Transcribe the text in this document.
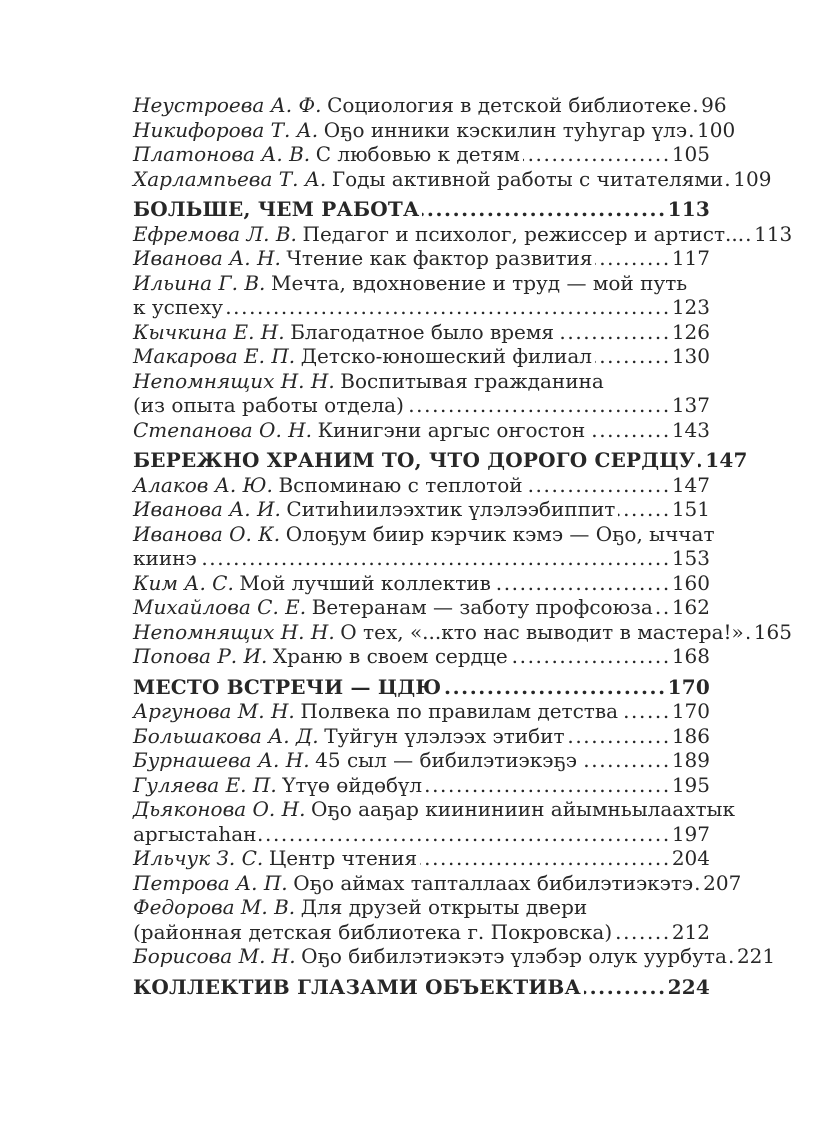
Неустроева А. Ф. Социология в детской библиотеке ..... 96
Никифорова Т. А. Оҕо инники кэскилин туһугар үлэ ..... 100
Платонова А. В. С любовью к детям .....	105
Харлампьева Т. А. Годы активной работы с читателями ..... 109
БОЛЬШЕ, ЧЕМ РАБОТА .....	113
Ефремова Л. В. Педагог и психолог, режиссер и артист... ..... 113
Иванова А. Н. Чтение как фактор развития .....	117
Ильина Г. В. Мечта, вдохновение и труд — мой путь
к успеху .....	123
Кычкина Е. Н. Благодатное было время .....	126
Макарова Е. П. Детско-юношеский филиал .....	130
Непомнящих Н. Н. Воспитывая гражданина
(из опыта работы отдела) .....	137
Степанова О. Н. Кинигэни аргыс оҥостон .....	143
БЕРЕЖНО ХРАНИМ ТО, ЧТО ДОРОГО СЕРДЦУ ..... 147
Алаков А. Ю. Вспоминаю с теплотой .....	147
Иванова А. И. Ситиһиилээхтик үлэлээбиппит .....	151
Иванова О. К. Олоҕум биир кэрчик кэмэ — Оҕо, ыччат
киинэ .....	153
Ким А. С. Мой лучший коллектив .....	160
Михайлова С. Е. Ветеранам — заботу профсоюза ..... 162
Непомнящих Н. Н. О тех, «...кто нас выводит в мастера!» ..... 165
Попова Р. И. Храню в своем сердце .....	168
МЕСТО ВСТРЕЧИ — ЦДЮ .....	170
Аргунова М. Н. Полвека по правилам детства .....	170
Большакова А. Д. Туйгун үлэлээх этибит .....	186
Бурнашева А. Н. 45 сыл — бибилэтиэкэҕэ .....	189
Гуляева Е. П. Үтүө өйдөбүл .....	195
Дьяконова О. Н. Оҕо ааҕар киининиин айымньылаахтык
аргыстаһан .....	197
Ильчук З. С. Центр чтения .....	204
Петрова А. П. Оҕо аймах тапталлаах бибилэтиэкэтэ ..... 207
Федорова М. В. Для друзей открыты двери
(районная детская библиотека г. Покровска) .....	212
Борисова М. Н. Оҕо бибилэтиэкэтэ үлэбэр олук уурбута ..... 221
КОЛЛЕКТИВ ГЛАЗАМИ ОБЪЕКТИВА .....	224
